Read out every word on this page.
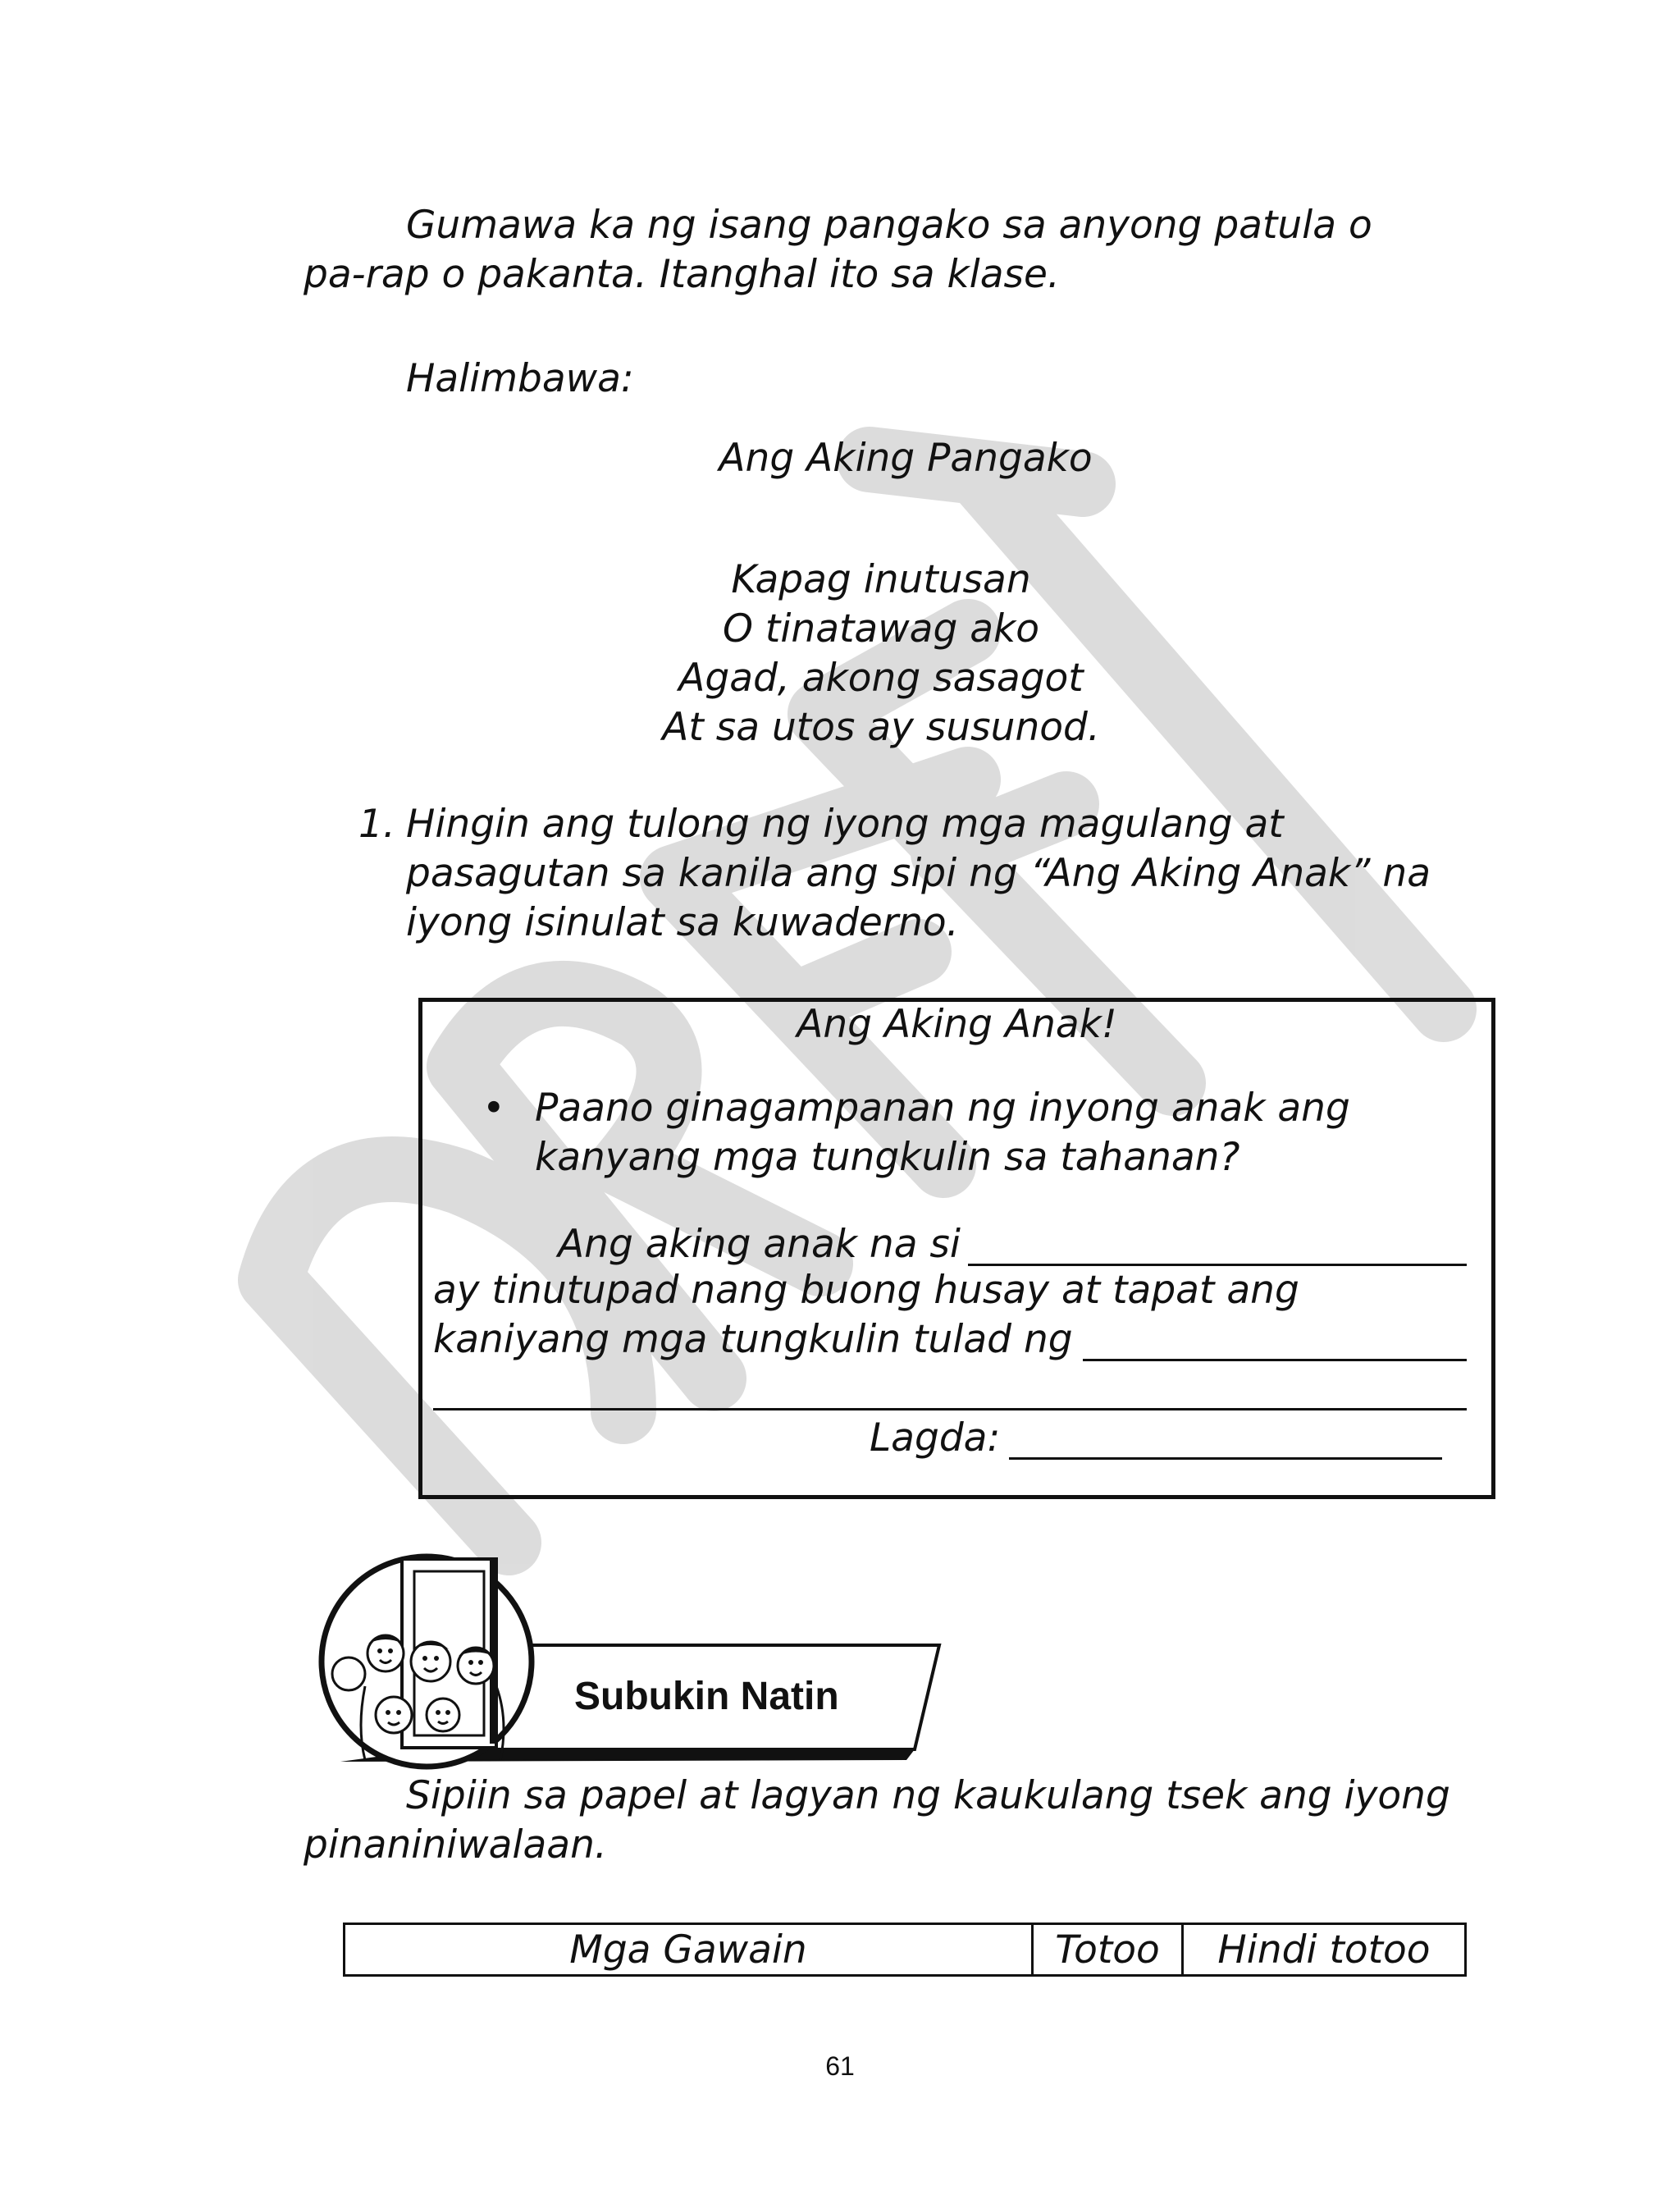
Gumawa ka ng isang pangako sa anyong patula o
pa-rap o pakanta. Itanghal ito sa klase.
Halimbawa:
Ang Aking Pangako
Kapag inutusan
O tinatawag ako
Agad, akong sasagot
At sa utos ay susunod.
1. Hingin ang tulong ng iyong mga magulang at
pasagutan sa kanila ang sipi ng “Ang Aking Anak” na
iyong isinulat sa kuwaderno.
Ang Aking Anak!
• Paano ginagampanan ng inyong anak ang
kanyang mga tungkulin sa tahanan?
Ang aking anak na si
ay tinutupad nang buong husay at tapat ang
kaniyang mga tungkulin tulad ng
Lagda:
Subukin Natin
Sipiin sa papel at lagyan ng kaukulang tsek ang iyong
pinaniniwalaan.
Mga Gawain	Totoo	Hindi totoo
61
